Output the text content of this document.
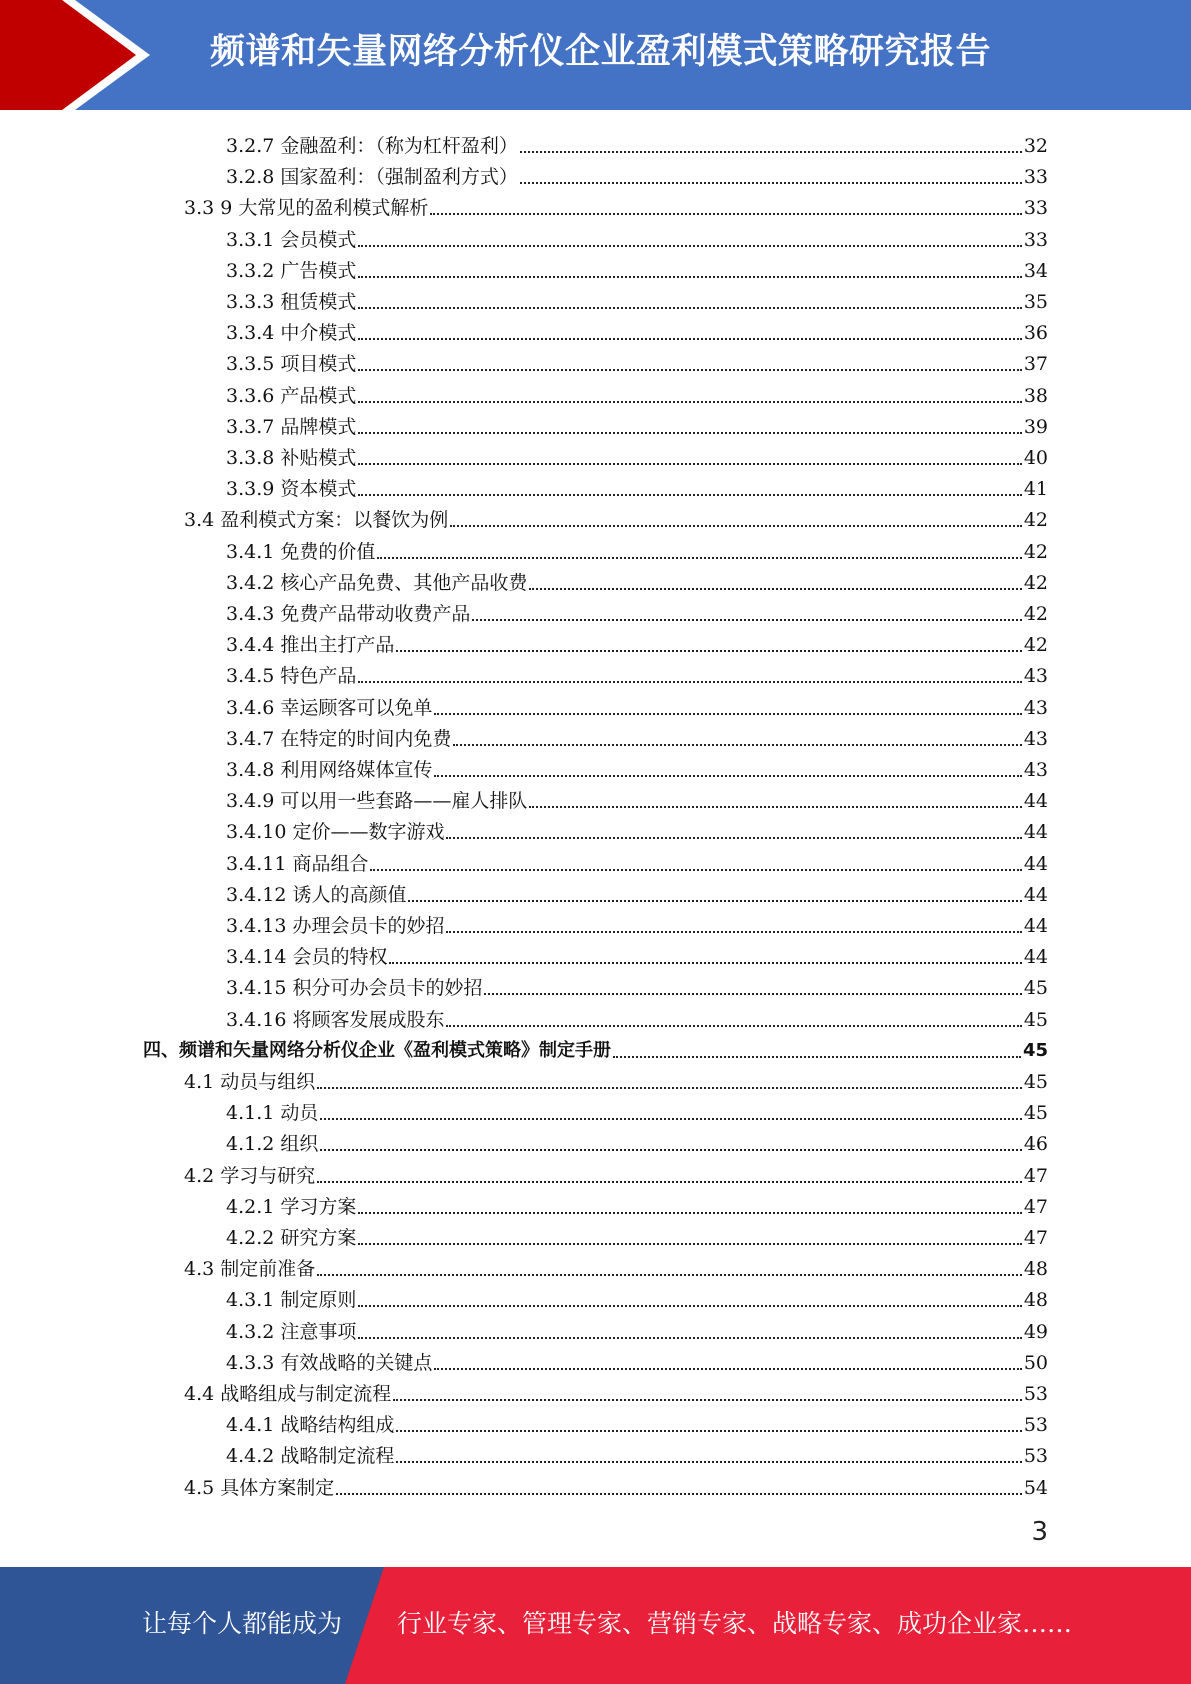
频谱和矢量网络分析仪企业盈利模式策略研究报告
3.2.7 金融盈利：（称为杠杆盈利）	32
3.2.8 国家盈利：（强制盈利方式）	33
3.3 9 大常见的盈利模式解析	33
3.3.1 会员模式	33
3.3.2 广告模式	34
3.3.3 租赁模式	35
3.3.4 中介模式	36
3.3.5 项目模式	37
3.3.6 产品模式	38
3.3.7 品牌模式	39
3.3.8 补贴模式	40
3.3.9 资本模式	41
3.4 盈利模式方案：以餐饮为例	42
3.4.1 免费的价值	42
3.4.2 核心产品免费、其他产品收费	42
3.4.3 免费产品带动收费产品	42
3.4.4 推出主打产品	42
3.4.5 特色产品	43
3.4.6 幸运顾客可以免单	43
3.4.7 在特定的时间内免费	43
3.4.8 利用网络媒体宣传	43
3.4.9 可以用一些套路——雇人排队	44
3.4.10 定价——数字游戏	44
3.4.11 商品组合	44
3.4.12 诱人的高颜值	44
3.4.13 办理会员卡的妙招	44
3.4.14 会员的特权	44
3.4.15 积分可办会员卡的妙招	45
3.4.16 将顾客发展成股东	45
四、频谱和矢量网络分析仪企业《盈利模式策略》制定手册	45
4.1 动员与组织	45
4.1.1 动员	45
4.1.2 组织	46
4.2 学习与研究	47
4.2.1 学习方案	47
4.2.2 研究方案	47
4.3 制定前准备	48
4.3.1 制定原则	48
4.3.2 注意事项	49
4.3.3 有效战略的关键点	50
4.4 战略组成与制定流程	53
4.4.1 战略结构组成	53
4.4.2 战略制定流程	53
4.5 具体方案制定	54
3
让每个人都能成为 行业专家、管理专家、营销专家、战略专家、成功企业家……
